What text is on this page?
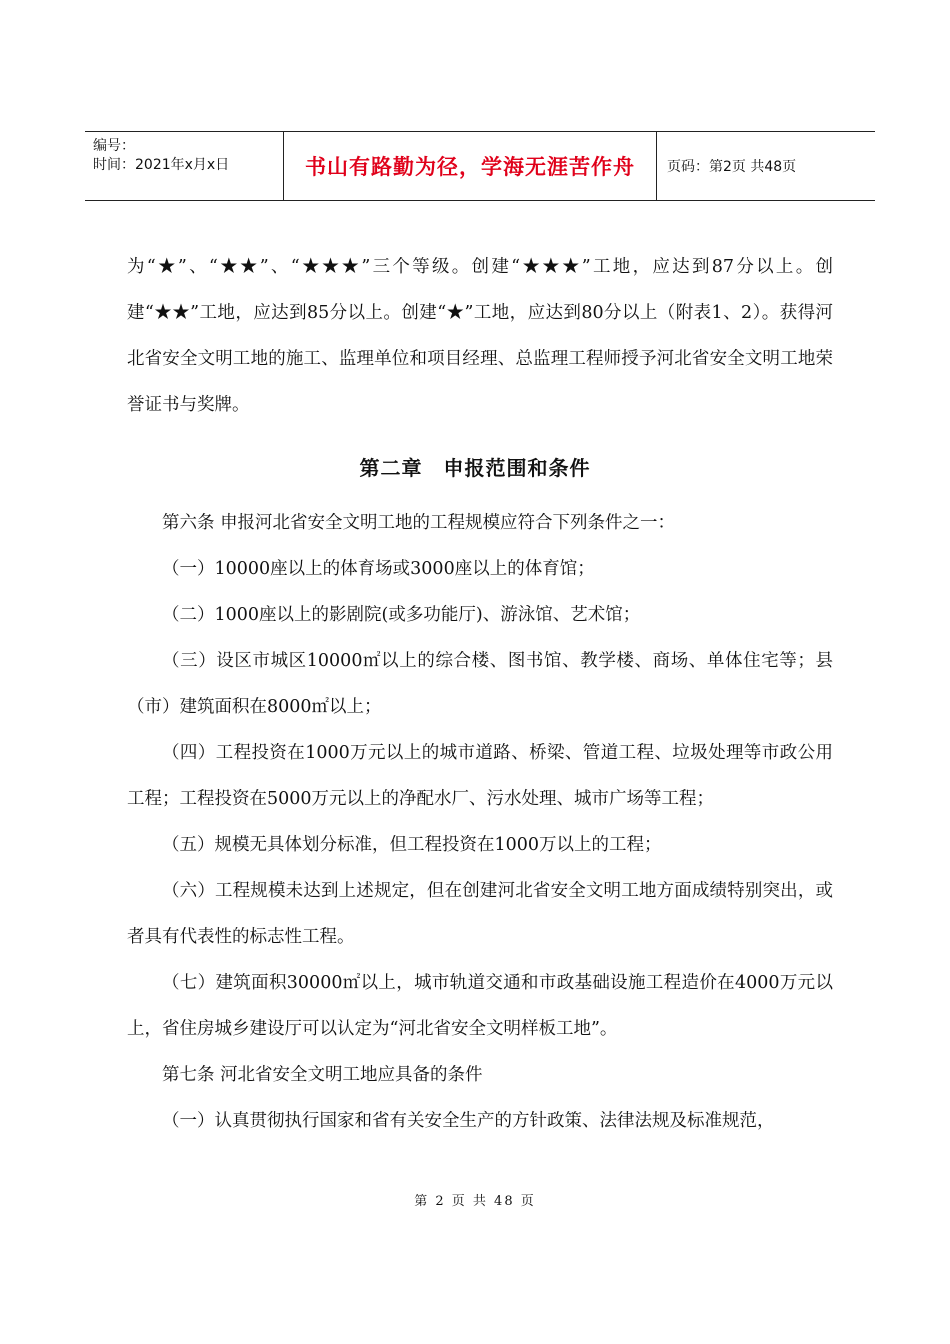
编号：
时间：2021年x月x日	书山有路勤为径，学海无涯苦作舟 页码：第2页 共48页

为“★”、“★★”、“★★★”三个等级。创建“★★★”工地，应达到87分以上。创建“★★”工地，应达到85分以上。创建“★”工地，应达到80分以上（附表1、2）。获得河北省安全文明工地的施工、监理单位和项目经理、总监理工程师授予河北省安全文明工地荣誉证书与奖牌。

第二章　申报范围和条件

第六条 申报河北省安全文明工地的工程规模应符合下列条件之一：

（一）10000座以上的体育场或3000座以上的体育馆；

（二）1000座以上的影剧院(或多功能厅)、游泳馆、艺术馆；

（三）设区市城区10000㎡以上的综合楼、图书馆、教学楼、商场、单体住宅等；县（市）建筑面积在8000㎡以上；

（四）工程投资在1000万元以上的城市道路、桥梁、管道工程、垃圾处理等市政公用工程；工程投资在5000万元以上的净配水厂、污水处理、城市广场等工程；

（五）规模无具体划分标准，但工程投资在1000万以上的工程；

（六）工程规模未达到上述规定，但在创建河北省安全文明工地方面成绩特别突出，或者具有代表性的标志性工程。

（七）建筑面积30000㎡以上，城市轨道交通和市政基础设施工程造价在4000万元以上，省住房城乡建设厅可以认定为“河北省安全文明样板工地”。

第七条 河北省安全文明工地应具备的条件

（一）认真贯彻执行国家和省有关安全生产的方针政策、法律法规及标准规范，

第 2 页 共 48 页
